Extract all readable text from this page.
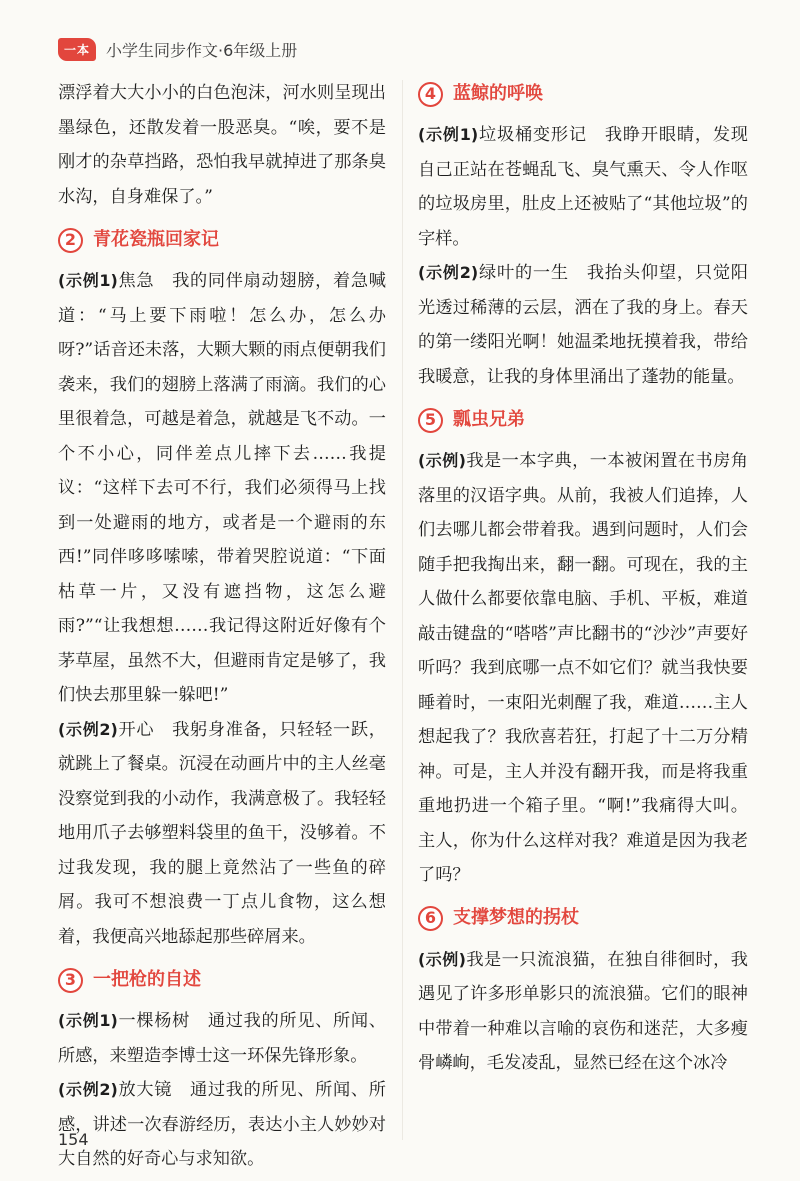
一本	小学生同步作文·6年级上册

漂浮着大大小小的白色泡沫，河水则呈现出墨绿色，还散发着一股恶臭。“唉，要不是刚才的杂草挡路，恐怕我早就掉进了那条臭水沟，自身难保了。”

2 青花瓷瓶回家记

(示例1)焦急　我的同伴扇动翅膀，着急喊道：“马上要下雨啦！怎么办，怎么办呀?”话音还未落，大颗大颗的雨点便朝我们袭来，我们的翅膀上落满了雨滴。我们的心里很着急，可越是着急，就越是飞不动。一个不小心，同伴差点儿摔下去……我提议：“这样下去可不行，我们必须得马上找到一处避雨的地方，或者是一个避雨的东西!”同伴哆哆嗦嗦，带着哭腔说道：“下面枯草一片，又没有遮挡物，这怎么避雨?”“让我想想……我记得这附近好像有个茅草屋，虽然不大，但避雨肯定是够了，我们快去那里躲一躲吧!”

(示例2)开心　我躬身准备，只轻轻一跃，就跳上了餐桌。沉浸在动画片中的主人丝毫没察觉到我的小动作，我满意极了。我轻轻地用爪子去够塑料袋里的鱼干，没够着。不过我发现，我的腿上竟然沾了一些鱼的碎屑。我可不想浪费一丁点儿食物，这么想着，我便高兴地舔起那些碎屑来。

3 一把枪的自述

(示例1)一棵杨树　通过我的所见、所闻、所感，来塑造李博士这一环保先锋形象。

(示例2)放大镜　通过我的所见、所闻、所感，讲述一次春游经历，表达小主人妙妙对大自然的好奇心与求知欲。

4 蓝鲸的呼唤

(示例1)垃圾桶变形记　我睁开眼睛，发现自己正站在苍蝇乱飞、臭气熏天、令人作呕的垃圾房里，肚皮上还被贴了“其他垃圾”的字样。

(示例2)绿叶的一生　我抬头仰望，只觉阳光透过稀薄的云层，洒在了我的身上。春天的第一缕阳光啊！她温柔地抚摸着我，带给我暖意，让我的身体里涌出了蓬勃的能量。

5 瓢虫兄弟

(示例)我是一本字典，一本被闲置在书房角落里的汉语字典。从前，我被人们追捧，人们去哪儿都会带着我。遇到问题时，人们会随手把我掏出来，翻一翻。可现在，我的主人做什么都要依靠电脑、手机、平板，难道敲击键盘的“嗒嗒”声比翻书的“沙沙”声要好听吗？我到底哪一点不如它们？就当我快要睡着时，一束阳光刺醒了我，难道……主人想起我了？我欣喜若狂，打起了十二万分精神。可是，主人并没有翻开我，而是将我重重地扔进一个箱子里。“啊!”我痛得大叫。主人，你为什么这样对我？难道是因为我老了吗？

6 支撑梦想的拐杖

(示例)我是一只流浪猫，在独自徘徊时，我遇见了许多形单影只的流浪猫。它们的眼神中带着一种难以言喻的哀伤和迷茫，大多瘦骨嶙峋，毛发凌乱，显然已经在这个冰冷

154
